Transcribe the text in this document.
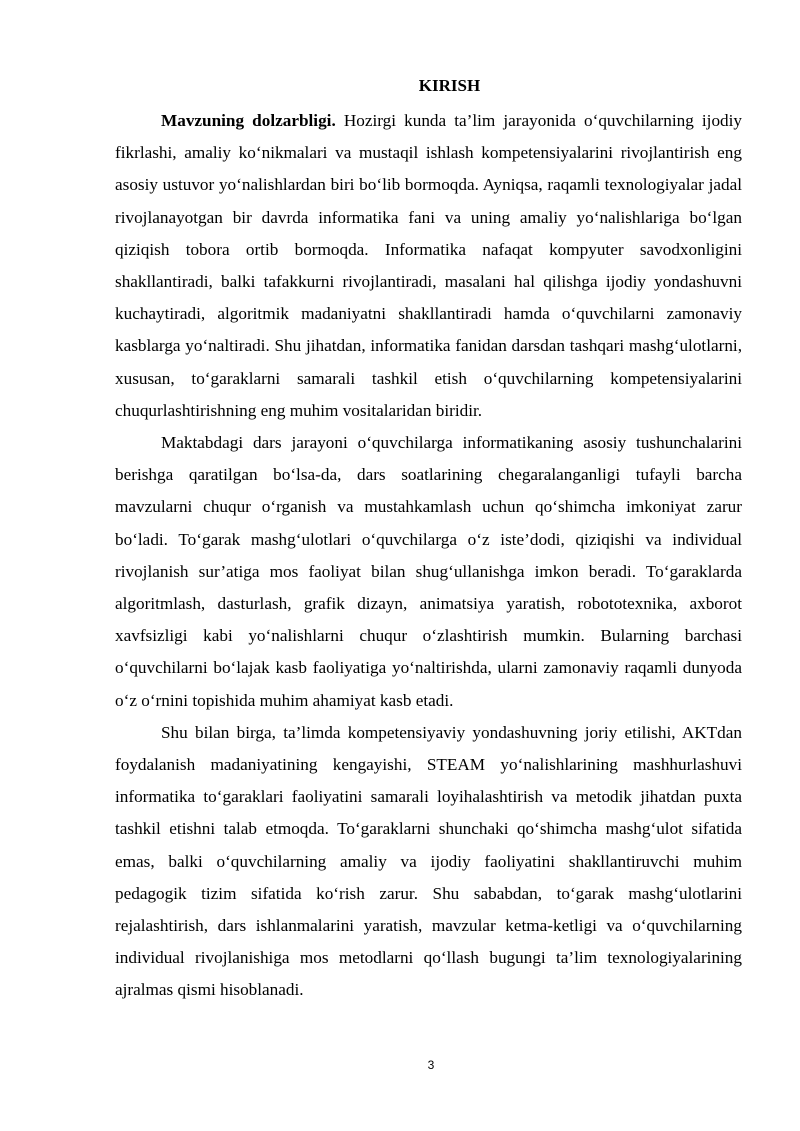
KIRISH

Mavzuning dolzarbligi. Hozirgi kunda ta’lim jarayonida o‘quvchilarning ijodiy fikrlashi, amaliy ko‘nikmalari va mustaqil ishlash kompetensiyalarini rivojlantirish eng asosiy ustuvor yo‘nalishlardan biri bo‘lib bormoqda. Ayniqsa, raqamli texnologiyalar jadal rivojlanayotgan bir davrda informatika fani va uning amaliy yo‘nalishlariga bo‘lgan qiziqish tobora ortib bormoqda. Informatika nafaqat kompyuter savodxonligini shakllantiradi, balki tafakkurni rivojlantiradi, masalani hal qilishga ijodiy yondashuvni kuchaytiradi, algoritmik madaniyatni shakllantiradi hamda o‘quvchilarni zamonaviy kasblarga yo‘naltiradi. Shu jihatdan, informatika fanidan darsdan tashqari mashg‘ulotlarni, xususan, to‘garaklarni samarali tashkil etish o‘quvchilarning kompetensiyalarini chuqurlashtirishning eng muhim vositalaridan biridir.

Maktabdagi dars jarayoni o‘quvchilarga informatikaning asosiy tushunchalarini berishga qaratilgan bo‘lsa-da, dars soatlarining chegaralanganligi tufayli barcha mavzularni chuqur o‘rganish va mustahkamlash uchun qo‘shimcha imkoniyat zarur bo‘ladi. To‘garak mashg‘ulotlari o‘quvchilarga o‘z iste’dodi, qiziqishi va individual rivojlanish sur’atiga mos faoliyat bilan shug‘ullanishga imkon beradi. To‘garaklarda algoritmlash, dasturlash, grafik dizayn, animatsiya yaratish, robototexnika, axborot xavfsizligi kabi yo‘nalishlarni chuqur o‘zlashtirish mumkin. Bularning barchasi o‘quvchilarni bo‘lajak kasb faoliyatiga yo‘naltirishda, ularni zamonaviy raqamli dunyoda o‘z o‘rnini topishida muhim ahamiyat kasb etadi.

Shu bilan birga, ta’limda kompetensiyaviy yondashuvning joriy etilishi, AKTdan foydalanish madaniyatining kengayishi, STEAM yo‘nalishlarining mashhurlashuvi informatika to‘garaklari faoliyatini samarali loyihalashtirish va metodik jihatdan puxta tashkil etishni talab etmoqda. To‘garaklarni shunchaki qo‘shimcha mashg‘ulot sifatida emas, balki o‘quvchilarning amaliy va ijodiy faoliyatini shakllantiruvchi muhim pedagogik tizim sifatida ko‘rish zarur. Shu sababdan, to‘garak mashg‘ulotlarini rejalashtirish, dars ishlanmalarini yaratish, mavzular ketma-ketligi va o‘quvchilarning individual rivojlanishiga mos metodlarni qo‘llash bugungi ta’lim texnologiyalarining ajralmas qismi hisoblanadi.

3
